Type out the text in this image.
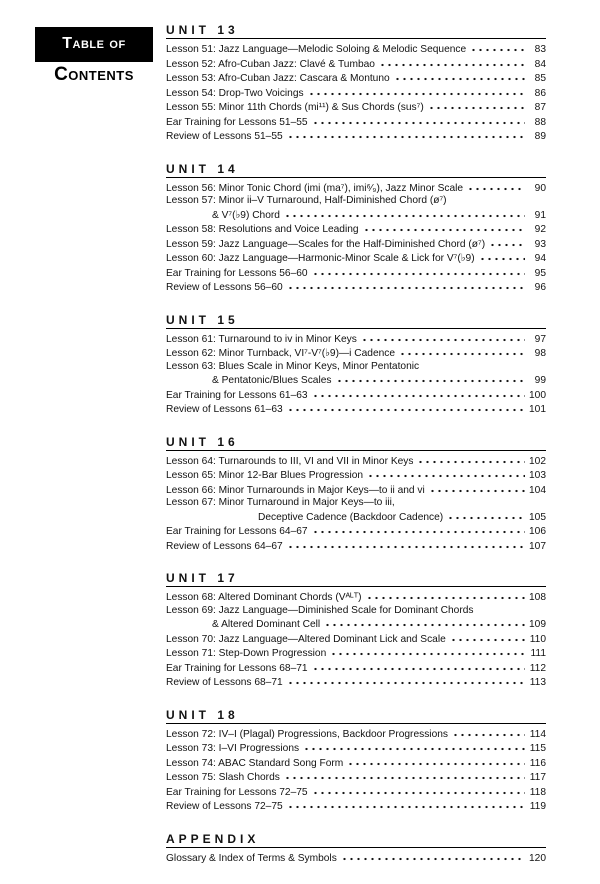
Table of
Contents
UNIT 13
Lesson 51: Jazz Language—Melodic Soloing & Melodic Sequence	83
Lesson 52: Afro-Cuban Jazz: Clavé & Tumbao	84
Lesson 53: Afro-Cuban Jazz: Cascara & Montuno	85
Lesson 54: Drop-Two Voicings	86
Lesson 55: Minor 11th Chords (mi¹¹) & Sus Chords (sus⁷)	87
Ear Training for Lessons 51–55	88
Review of Lessons 51–55	89
UNIT 14
Lesson 56: Minor Tonic Chord (imi (ma⁷), imi⁶⁄₉), Jazz Minor Scale	90
Lesson 57: Minor ii–V Turnaround, Half-Diminished Chord (ø⁷)
& V⁷(♭9) Chord	91
Lesson 58: Resolutions and Voice Leading	92
Lesson 59: Jazz Language—Scales for the Half-Diminished Chord (ø⁷)	93
Lesson 60: Jazz Language—Harmonic-Minor Scale & Lick for V⁷(♭9)	94
Ear Training for Lessons 56–60	95
Review of Lessons 56–60	96
UNIT 15
Lesson 61: Turnaround to iv in Minor Keys	97
Lesson 62: Minor Turnback, VI⁷-V⁷(♭9)—i Cadence	98
Lesson 63: Blues Scale in Minor Keys, Minor Pentatonic
& Pentatonic/Blues Scales	99
Ear Training for Lessons 61–63	100
Review of Lessons 61–63	101
UNIT 16
Lesson 64: Turnarounds to III, VI and VII in Minor Keys	102
Lesson 65: Minor 12-Bar Blues Progression	103
Lesson 66: Minor Turnarounds in Major Keys—to ii and vi	104
Lesson 67: Minor Turnaround in Major Keys—to iii,
Deceptive Cadence (Backdoor Cadence)	105
Ear Training for Lessons 64–67	106
Review of Lessons 64–67	107
UNIT 17
Lesson 68: Altered Dominant Chords (Vᴬᴸᵀ)	108
Lesson 69: Jazz Language—Diminished Scale for Dominant Chords
& Altered Dominant Cell	109
Lesson 70: Jazz Language—Altered Dominant Lick and Scale	110
Lesson 71: Step-Down Progression	111
Ear Training for Lessons 68–71	112
Review of Lessons 68–71	113
UNIT 18
Lesson 72: IV–I (Plagal) Progressions, Backdoor Progressions	114
Lesson 73: I–VI Progressions	115
Lesson 74: ABAC Standard Song Form	116
Lesson 75: Slash Chords	117
Ear Training for Lessons 72–75	118
Review of Lessons 72–75	119
APPENDIX
Glossary & Index of Terms & Symbols	120
